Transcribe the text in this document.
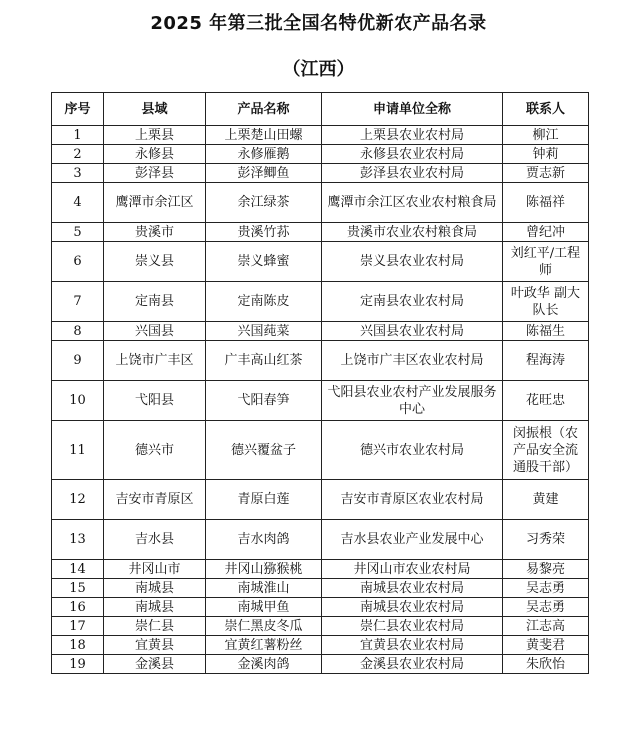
2025 年第三批全国名特优新农产品名录
（江西）
序号	县域	产品名称	申请单位全称	联系人
1	上栗县	上栗楚山田螺	上栗县农业农村局	柳江
2	永修县	永修雁鹅	永修县农业农村局	钟莉
3	彭泽县	彭泽鲫鱼	彭泽县农业农村局	贾志新
4	鹰潭市余江区	余江绿茶	鹰潭市余江区农业农村粮食局	陈福祥
5	贵溪市	贵溪竹荪	贵溪市农业农村粮食局	曾纪冲
6	崇义县	崇义蜂蜜	崇义县农业农村局	刘红平/工程师
7	定南县	定南陈皮	定南县农业农村局	叶政华 副大队长
8	兴国县	兴国莼菜	兴国县农业农村局	陈福生
9	上饶市广丰区	广丰高山红茶	上饶市广丰区农业农村局	程海涛
10	弋阳县	弋阳春笋	弋阳县农业农村产业发展服务中心	花旺忠
11	德兴市	德兴覆盆子	德兴市农业农村局	闵振根（农产品安全流通股干部）
12	吉安市青原区	青原白莲	吉安市青原区农业农村局	黄建
13	吉水县	吉水肉鸽	吉水县农业产业发展中心	习秀荣
14	井冈山市	井冈山猕猴桃	井冈山市农业农村局	易黎亮
15	南城县	南城淮山	南城县农业农村局	吴志勇
16	南城县	南城甲鱼	南城县农业农村局	吴志勇
17	崇仁县	崇仁黑皮冬瓜	崇仁县农业农村局	江志高
18	宜黄县	宜黄红薯粉丝	宜黄县农业农村局	黄斐君
19	金溪县	金溪肉鸽	金溪县农业农村局	朱欣怡
